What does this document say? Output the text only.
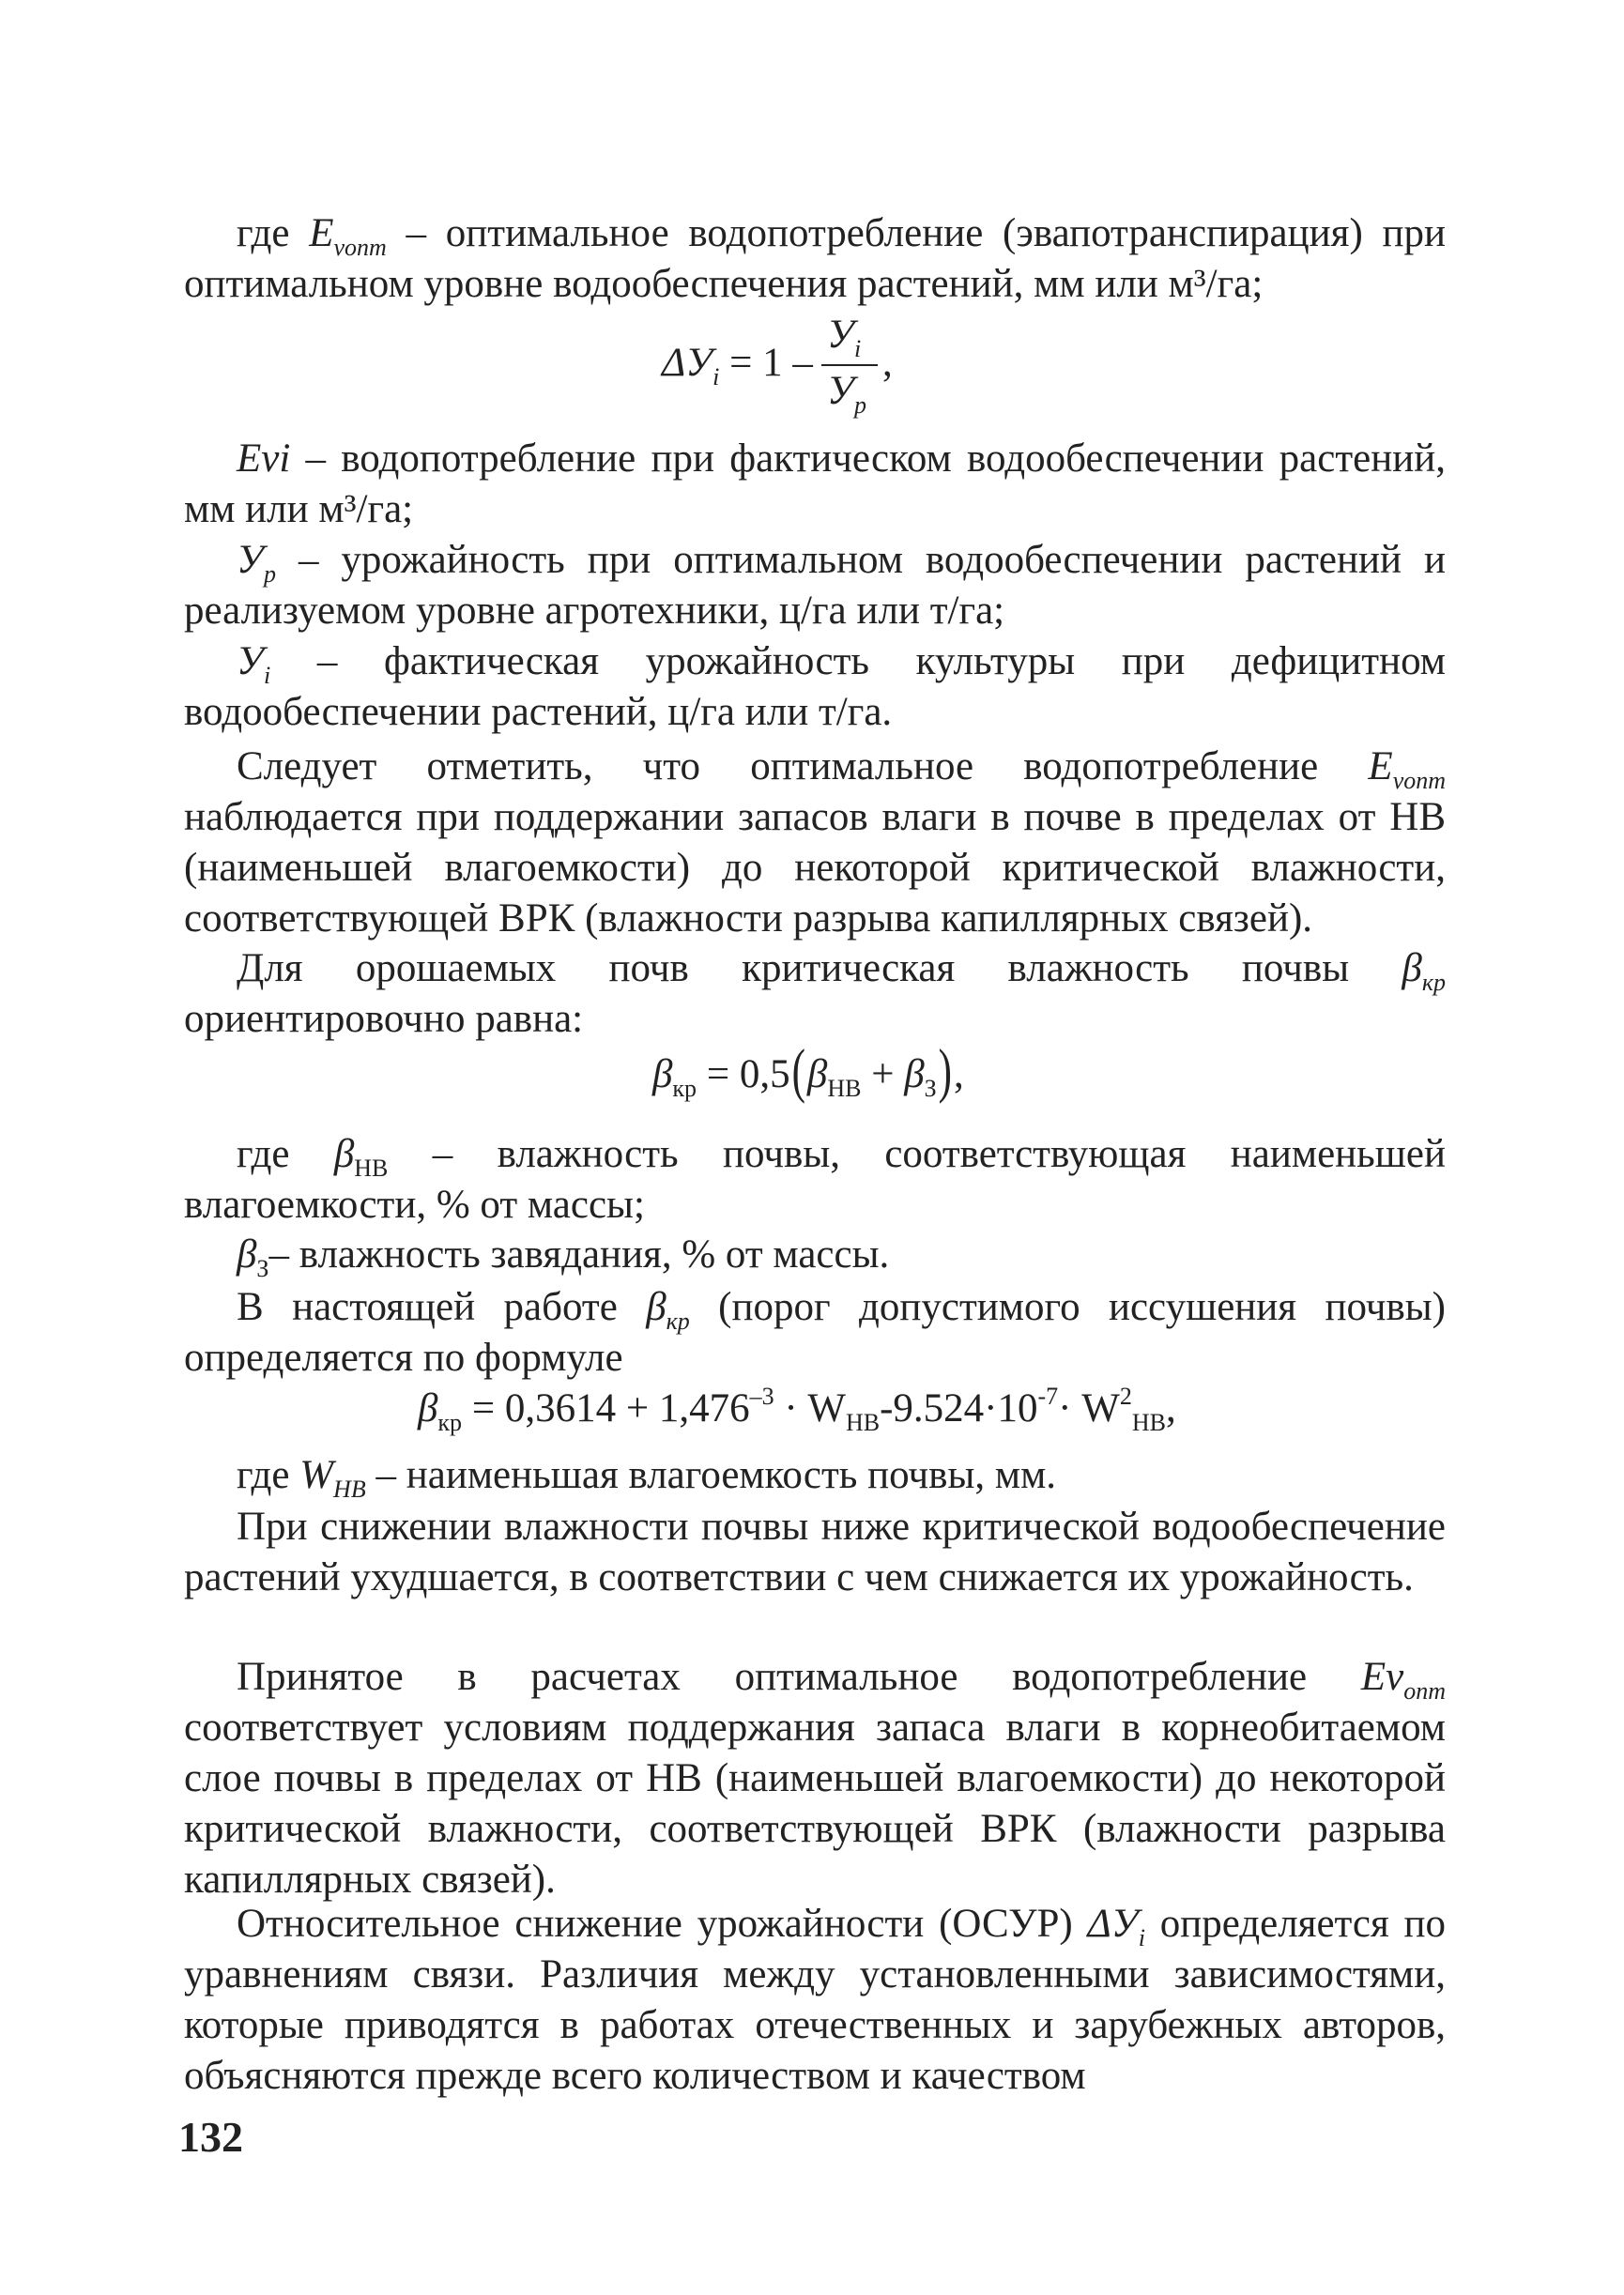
где $E_{vопт}$ – оптимальное водопотребление (эвапотранспирация) при оптимальном уровне водообеспечения растений, мм или м³/га;

$\Delta У_i = 1$ –
$У_i$
$У_p$
,

Evi – водопотребление при фактическом водообеспечении растений, мм или м³/га;

$У_р$ – урожайность при оптимальном водообеспечении растений и реализуемом уровне агротехники, ц/га или т/га;

$У_i$ – фактическая урожайность культуры при дефицитном водообеспечении растений, ц/га или т/га.

Следует отметить, что оптимальное водопотребление $E_{vопт}$ наблюдается при поддержании запасов влаги в почве в пределах от НВ (наименьшей влагоемкости) до некоторой критической влажности, соответствующей ВРК (влажности разрыва капиллярных связей).

Для орошаемых почв критическая влажность почвы $\beta_{кр}$ ориентировочно равна:

$\beta_{кр} = 0,5(\beta_{НВ} + \beta_З)$,

где $\beta_{НВ}$ – влажность почвы, соответствующая наименьшей влагоемкости, % от массы;

$\beta_З-$ влажность завядания, % от массы.

В настоящей работе $\beta_{кр}$ (порог допустимого иссушения почвы) определяется по формуле

$\beta_{кр} = 0,3614 + 1,476^{-3} \cdot W_{НВ}-9.524\cdot 10^{-7}\cdot W^2_{НВ}$,

где $W_{HB}$ – наименьшая влагоемкость почвы, мм.

При снижении влажности почвы ниже критической водообеспечение растений ухудшается, в соответствии с чем снижается их урожайность.

Принятое в расчетах оптимальное водопотребление $Ev_{опт}$ соответствует условиям поддержания запаса влаги в корнеобитаемом слое почвы в пределах от НВ (наименьшей влагоемкости) до некоторой критической влажности, соответствующей ВРК (влажности разрыва капиллярных связей).

Относительное снижение урожайности (ОСУР) $\Delta У_i$ определяется по уравнениям связи. Различия между установленными зависимостями, которые приводятся в работах отечественных и зарубежных авторов, объясняются прежде всего количеством и качеством

132
